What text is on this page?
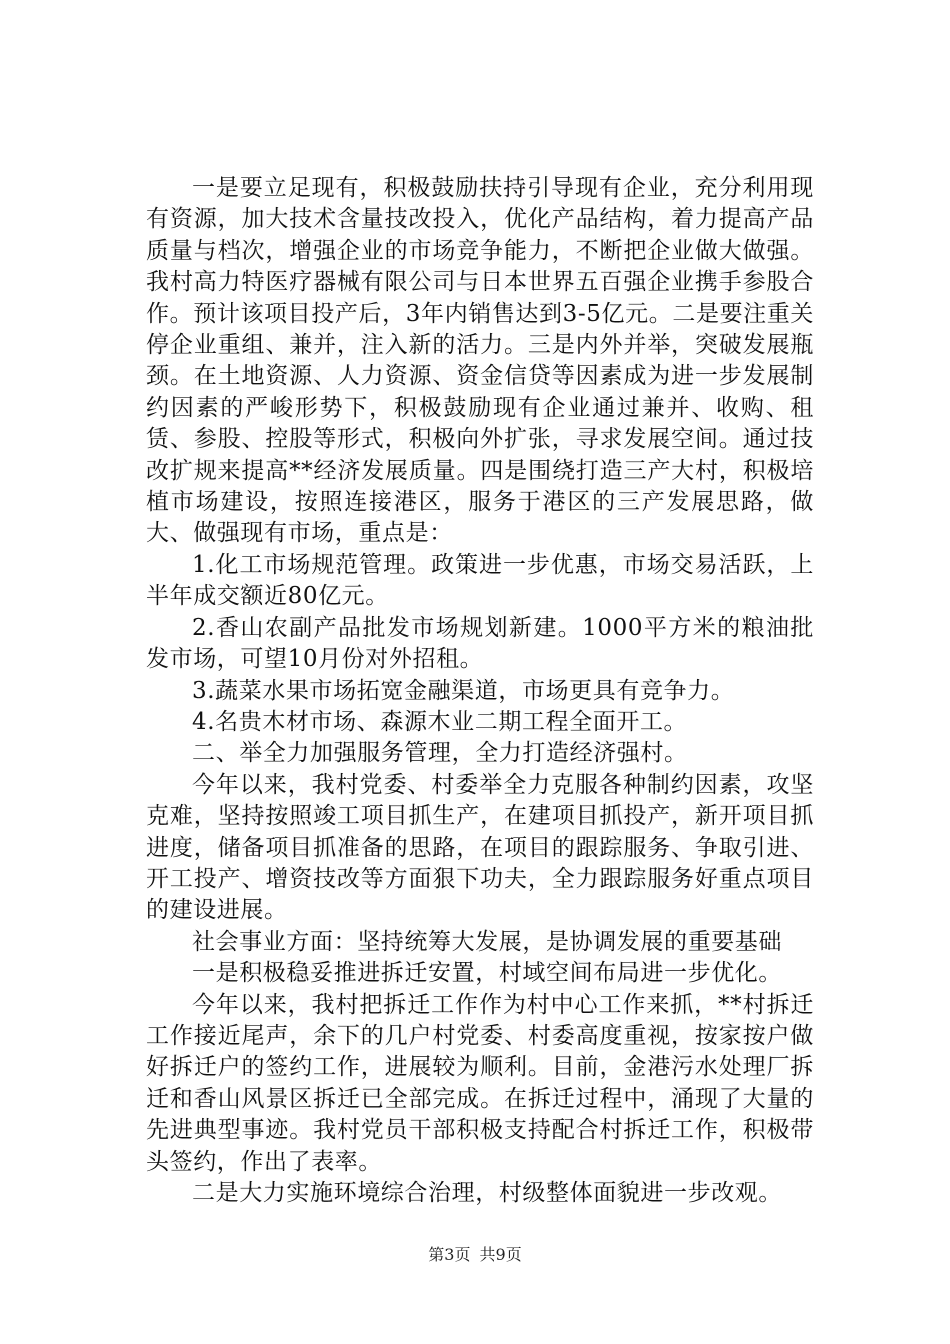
一是要立足现有，积极鼓励扶持引导现有企业，充分利用现有资源，加大技术含量技改投入，优化产品结构，着力提高产品质量与档次，增强企业的市场竞争能力，不断把企业做大做强。我村高力特医疗器械有限公司与日本世界五百强企业携手参股合作。预计该项目投产后，3年内销售达到3-5亿元。二是要注重关停企业重组、兼并，注入新的活力。三是内外并举，突破发展瓶颈。在土地资源、人力资源、资金信贷等因素成为进一步发展制约因素的严峻形势下，积极鼓励现有企业通过兼并、收购、租赁、参股、控股等形式，积极向外扩张，寻求发展空间。通过技改扩规来提高**经济发展质量。四是围绕打造三产大村，积极培植市场建设，按照连接港区，服务于港区的三产发展思路，做大、做强现有市场，重点是：

1.化工市场规范管理。政策进一步优惠，市场交易活跃，上半年成交额近80亿元。

2.香山农副产品批发市场规划新建。1000平方米的粮油批发市场，可望10月份对外招租。

3.蔬菜水果市场拓宽金融渠道，市场更具有竞争力。

4.名贵木材市场、森源木业二期工程全面开工。

二、举全力加强服务管理，全力打造经济强村。

今年以来，我村党委、村委举全力克服各种制约因素，攻坚克难，坚持按照竣工项目抓生产，在建项目抓投产，新开项目抓进度，储备项目抓准备的思路，在项目的跟踪服务、争取引进、开工投产、增资技改等方面狠下功夫，全力跟踪服务好重点项目的建设进展。

社会事业方面：坚持统筹大发展，是协调发展的重要基础

一是积极稳妥推进拆迁安置，村域空间布局进一步优化。

今年以来，我村把拆迁工作作为村中心工作来抓，**村拆迁工作接近尾声，余下的几户村党委、村委高度重视，按家按户做好拆迁户的签约工作，进展较为顺利。目前，金港污水处理厂拆迁和香山风景区拆迁已全部完成。在拆迁过程中，涌现了大量的先进典型事迹。我村党员干部积极支持配合村拆迁工作，积极带头签约，作出了表率。

二是大力实施环境综合治理，村级整体面貌进一步改观。

第3页 共9页
